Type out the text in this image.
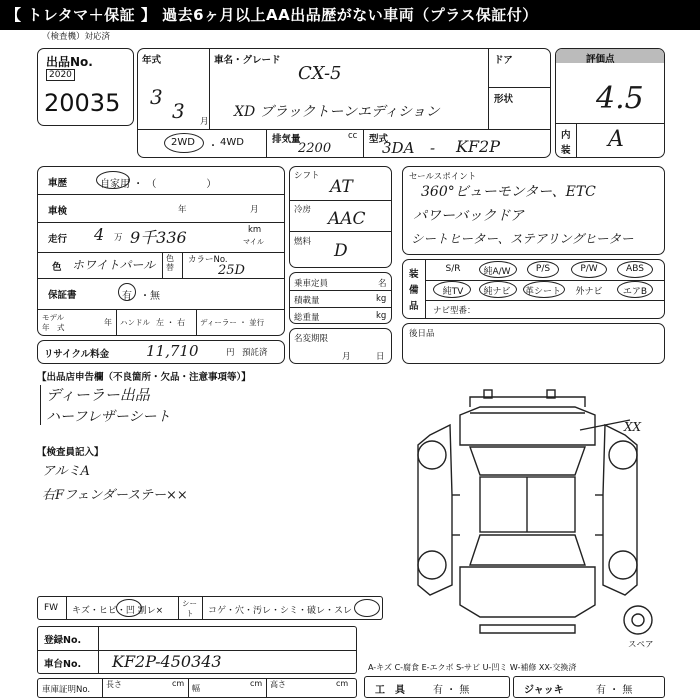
【 トレタマ＋保証 】 過去6ヶ月以上AA出品歴がない車両（プラス保証付）
（検査機）対応済
出品No.
2020
20035
年式
3
3 月
車名・グレード
CX-5
XD ブラックトーンエディション
ドア
形状
2WD ・ 4WD	排気量	cc
2200
型式
3DA - KF2P
評価点
4.5
内
装 A
車歴	自家用 ・ （　　　　　）
車検	年	月
走行 4 万 9千336	km
マイル
色 ホワイトパール 色替
カラーNo.
25D
保証書	有 ・ 無
モデル
年　式
年 ハンドル 左 ・ 右 ディーラー ・ 並行
リサイクル料金 11,710	円 預託済
シフト
AT
冷房 AAC
燃料 D
乗車定員	名
積載量	kg
総重量	kg
名変期限
月	日
セールスポイント
360°ビューモンター、ETC
パワーバックドア
シートヒーター、ステアリングヒーター
装
備
品
S/R	純A/W	P/S	P/W	ABS
純TV	純ナビ	革シート	外ナビ	エアB
ナビ型番：
後日品
【出品店申告欄（不良箇所・欠品・注意事項等）】
ディーラー出品
ハーフレザーシート
【検査員記入】
アルミA
右Fフェンダーステー××
XX
スペア
FW キズ・ヒビ・凹 割レ×
シー
ト コゲ・穴・汚レ・シミ・破レ・スレ
登録No.
車台No. KF2P-450343	A-キズ C-腐食 E-エクボ S-サビ U-凹ミ W-補修 XX-交換済
車庫証明No.
長さ	cm
幅
cm 高さ	cm
工　具	有 ・ 無	ジャッキ	有 ・ 無
